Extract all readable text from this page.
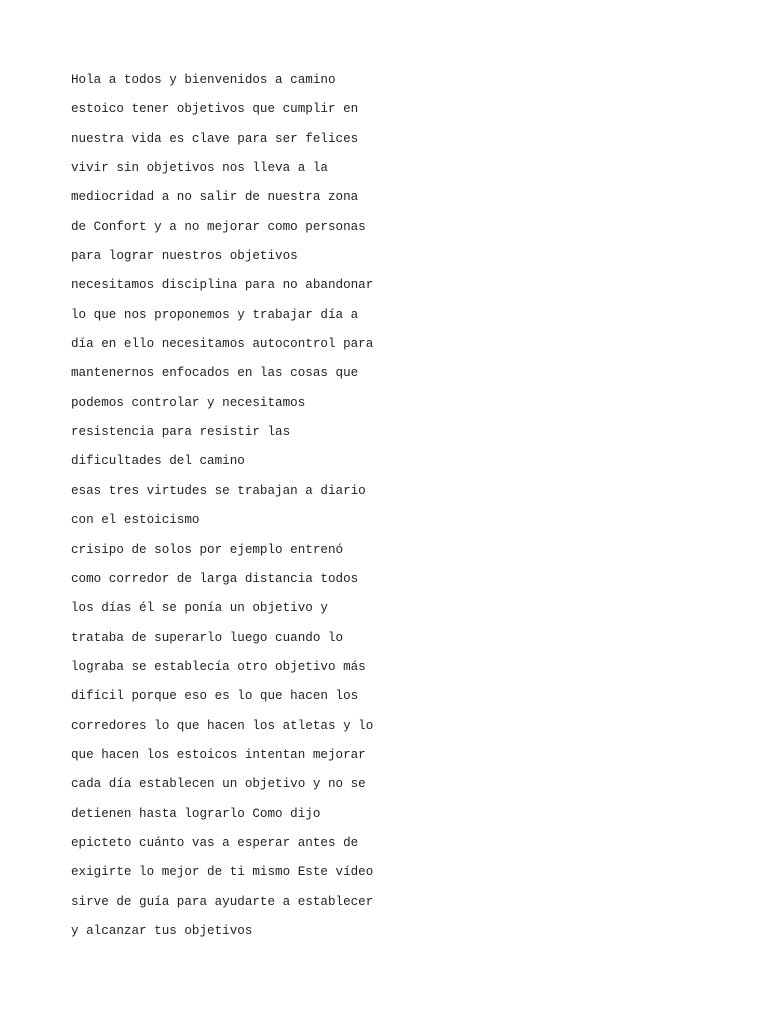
Hola a todos y bienvenidos a camino
estoico tener objetivos que cumplir en
nuestra vida es clave para ser felices
vivir sin objetivos nos lleva a la
mediocridad a no salir de nuestra zona
de Confort y a no mejorar como personas
para lograr nuestros objetivos
necesitamos disciplina para no abandonar
lo que nos proponemos y trabajar día a
día en ello necesitamos autocontrol para
mantenernos enfocados en las cosas que
podemos controlar y necesitamos
resistencia para resistir las
dificultades del camino
esas tres virtudes se trabajan a diario
con el estoicismo
crisipo de solos por ejemplo entrenó
como corredor de larga distancia todos
los días él se ponía un objetivo y
trataba de superarlo luego cuando lo
lograba se establecía otro objetivo más
difícil porque eso es lo que hacen los
corredores lo que hacen los atletas y lo
que hacen los estoicos intentan mejorar
cada día establecen un objetivo y no se
detienen hasta lograrlo Como dijo
epicteto cuánto vas a esperar antes de
exigirte lo mejor de ti mismo Este vídeo
sirve de guía para ayudarte a establecer
y alcanzar tus objetivos
